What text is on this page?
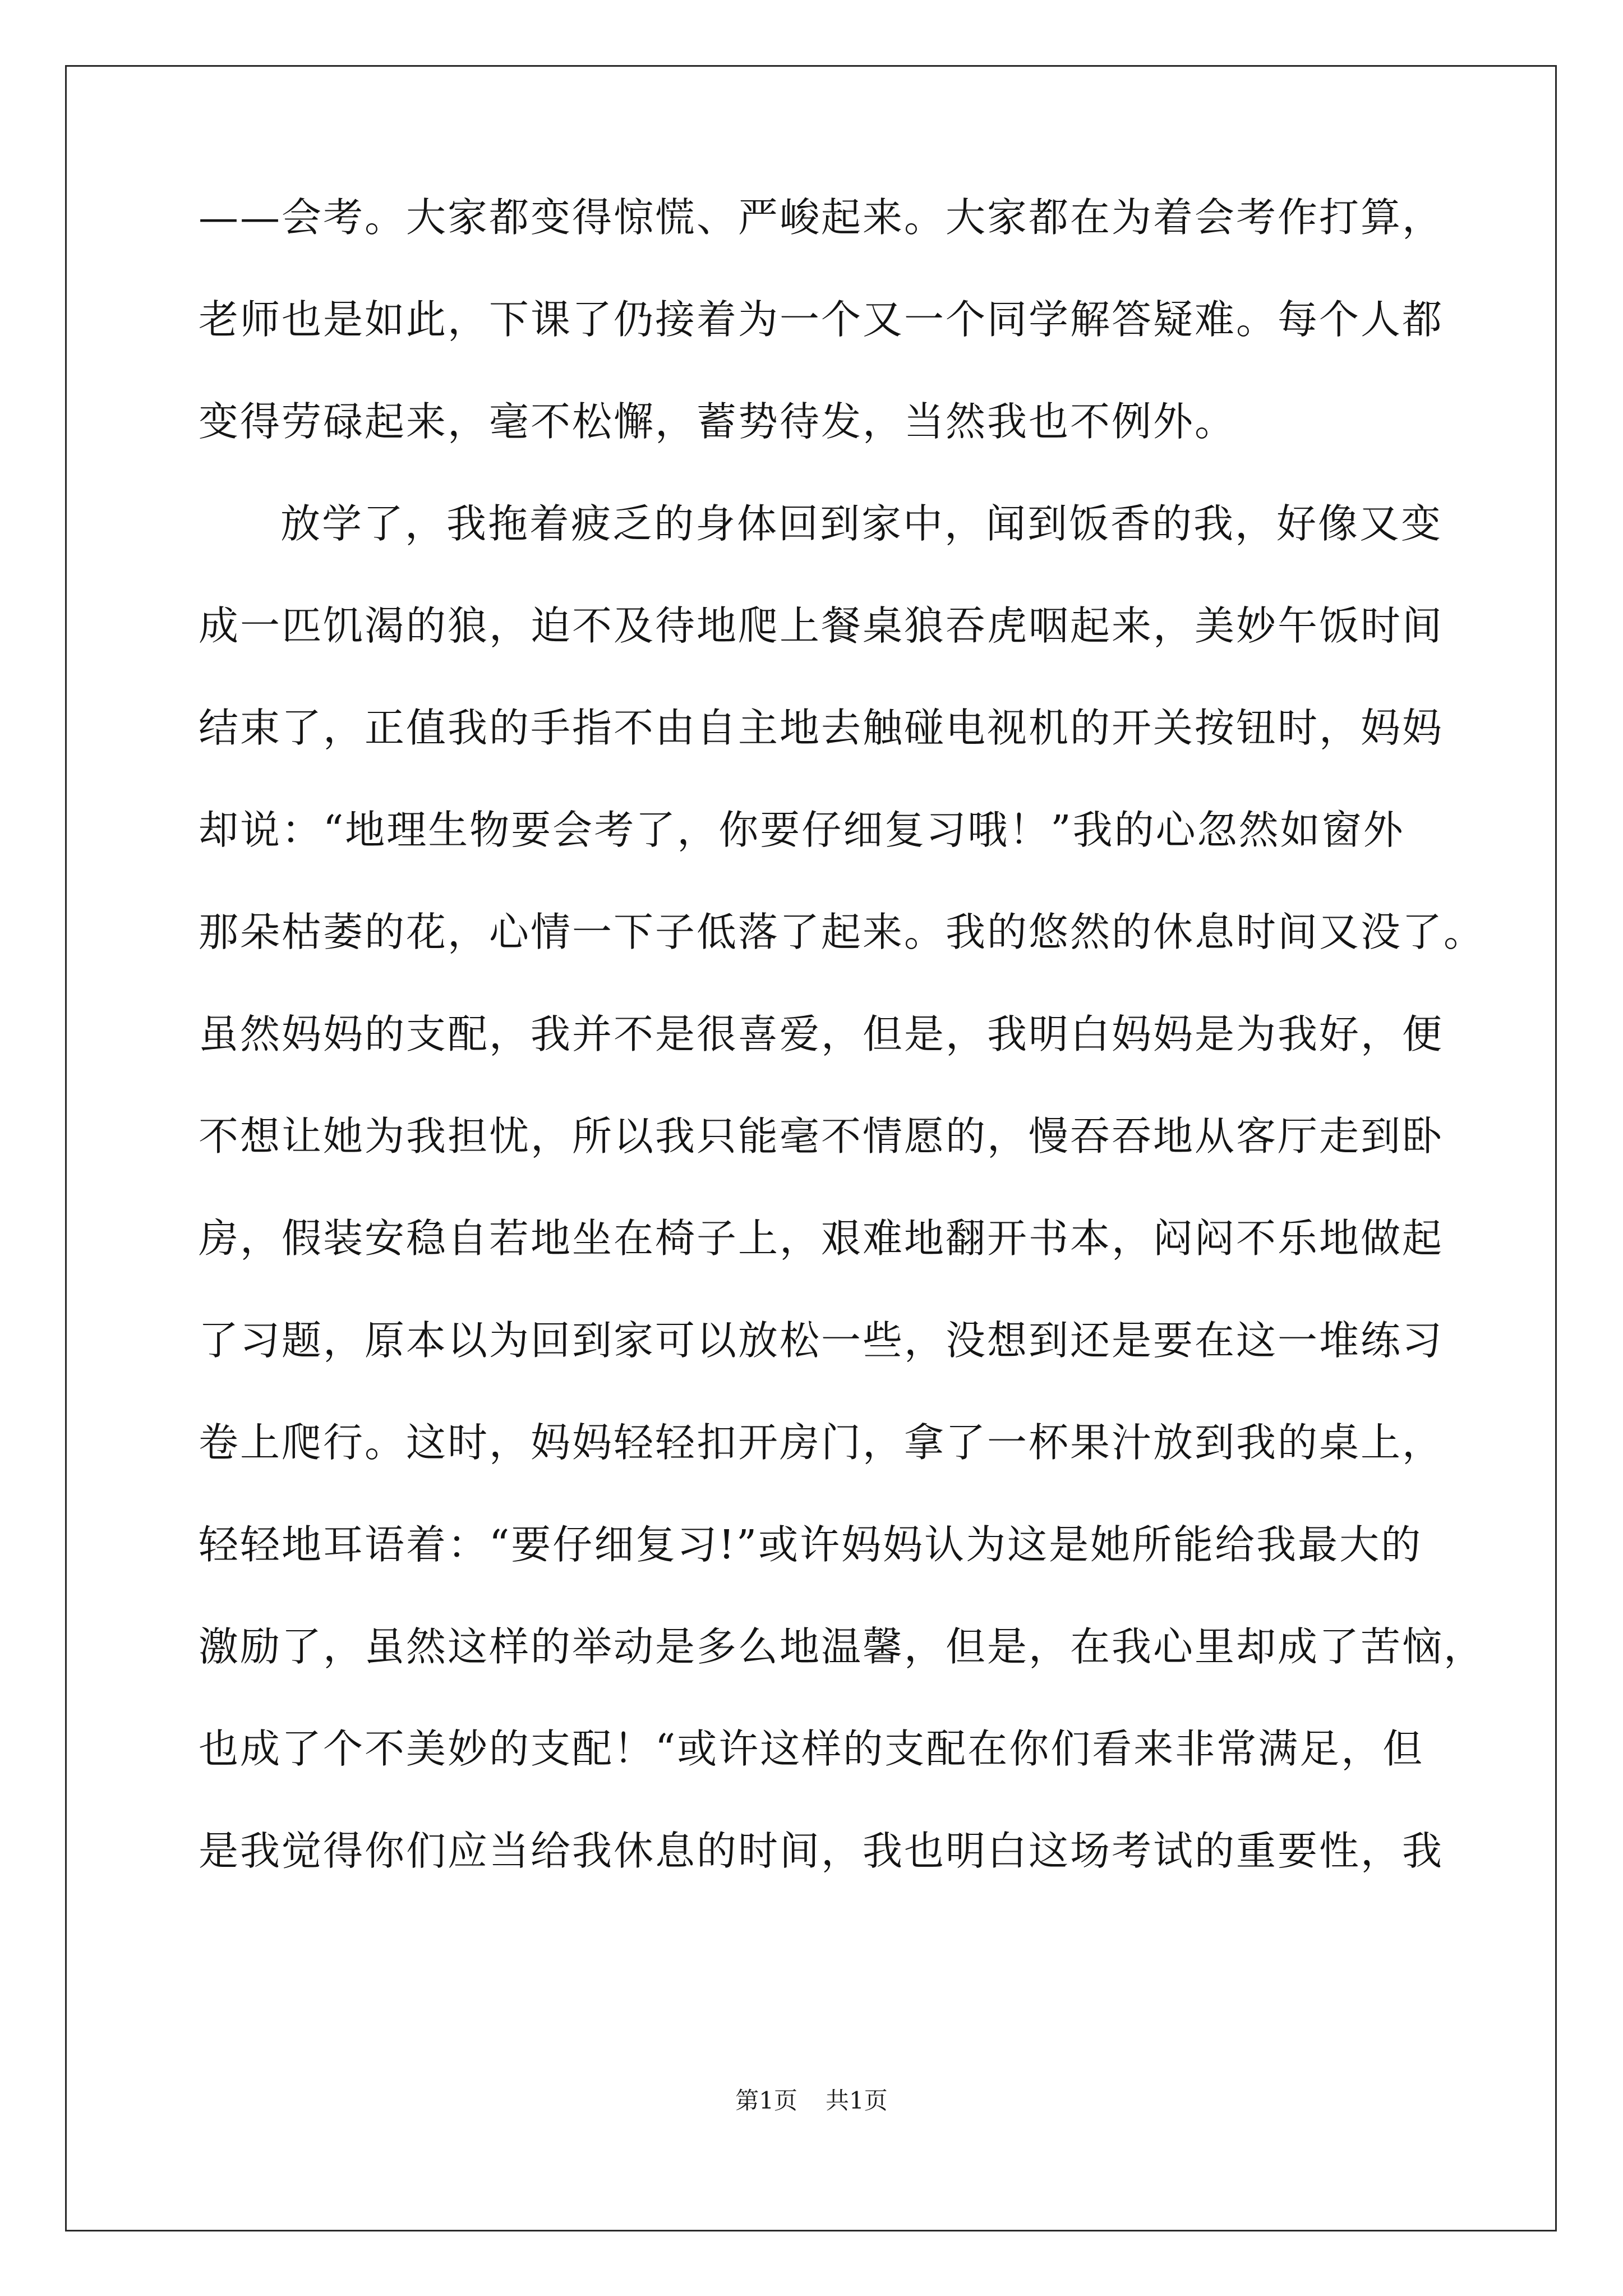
——会考。大家都变得惊慌、严峻起来。大家都在为着会考作打算，

老师也是如此，下课了仍接着为一个又一个同学解答疑难。每个人都

变得劳碌起来，毫不松懈，蓄势待发，当然我也不例外。

放学了，我拖着疲乏的身体回到家中，闻到饭香的我，好像又变

成一匹饥渴的狼，迫不及待地爬上餐桌狼吞虎咽起来，美妙午饭时间

结束了，正值我的手指不由自主地去触碰电视机的开关按钮时，妈妈

却说：“地理生物要会考了，你要仔细复习哦！”我的心忽然如窗外

那朵枯萎的花，心情一下子低落了起来。我的悠然的休息时间又没了。

虽然妈妈的支配，我并不是很喜爱，但是，我明白妈妈是为我好，便

不想让她为我担忧，所以我只能毫不情愿的，慢吞吞地从客厅走到卧

房，假装安稳自若地坐在椅子上，艰难地翻开书本，闷闷不乐地做起

了习题，原本以为回到家可以放松一些，没想到还是要在这一堆练习

卷上爬行。这时，妈妈轻轻扣开房门，拿了一杯果汁放到我的桌上，

轻轻地耳语着：“要仔细复习!”或许妈妈认为这是她所能给我最大的

激励了，虽然这样的举动是多么地温馨，但是，在我心里却成了苦恼，

也成了个不美妙的支配！“或许这样的支配在你们看来非常满足，但

是我觉得你们应当给我休息的时间，我也明白这场考试的重要性，我

第1页 共1页
